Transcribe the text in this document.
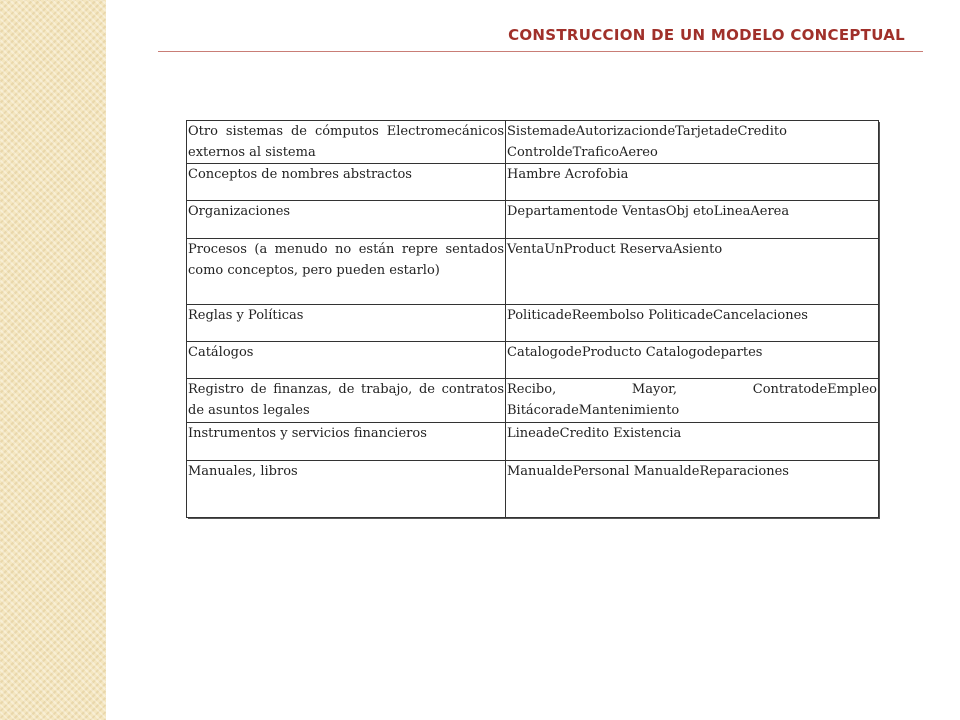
CONSTRUCCION DE UN MODELO CONCEPTUAL
Otro sistemas de cómputos Electromecánicos externos al sistema	SistemadeAutorizaciondeTarjetadeCredito ControldeTraficoAereo
Conceptos de nombres abstractos	Hambre Acrofobia
Organizaciones	Departamentode VentasObj etoLineaAerea
Procesos (a menudo no están repre sentados como conceptos, pero pueden estarlo)	VentaUnProduct ReservaAsiento
Reglas y Políticas	PoliticadeReembolso PoliticadeCancelaciones
Catálogos	CatalogodeProducto Catalogodepartes
Registro de finanzas, de trabajo, de contratos de asuntos legales	Recibo, Mayor, ContratodeEmpleo BitácoradeMantenimiento
Instrumentos y servicios financieros	LineadeCredito Existencia
Manuales, libros	ManualdePersonal ManualdeReparaciones
